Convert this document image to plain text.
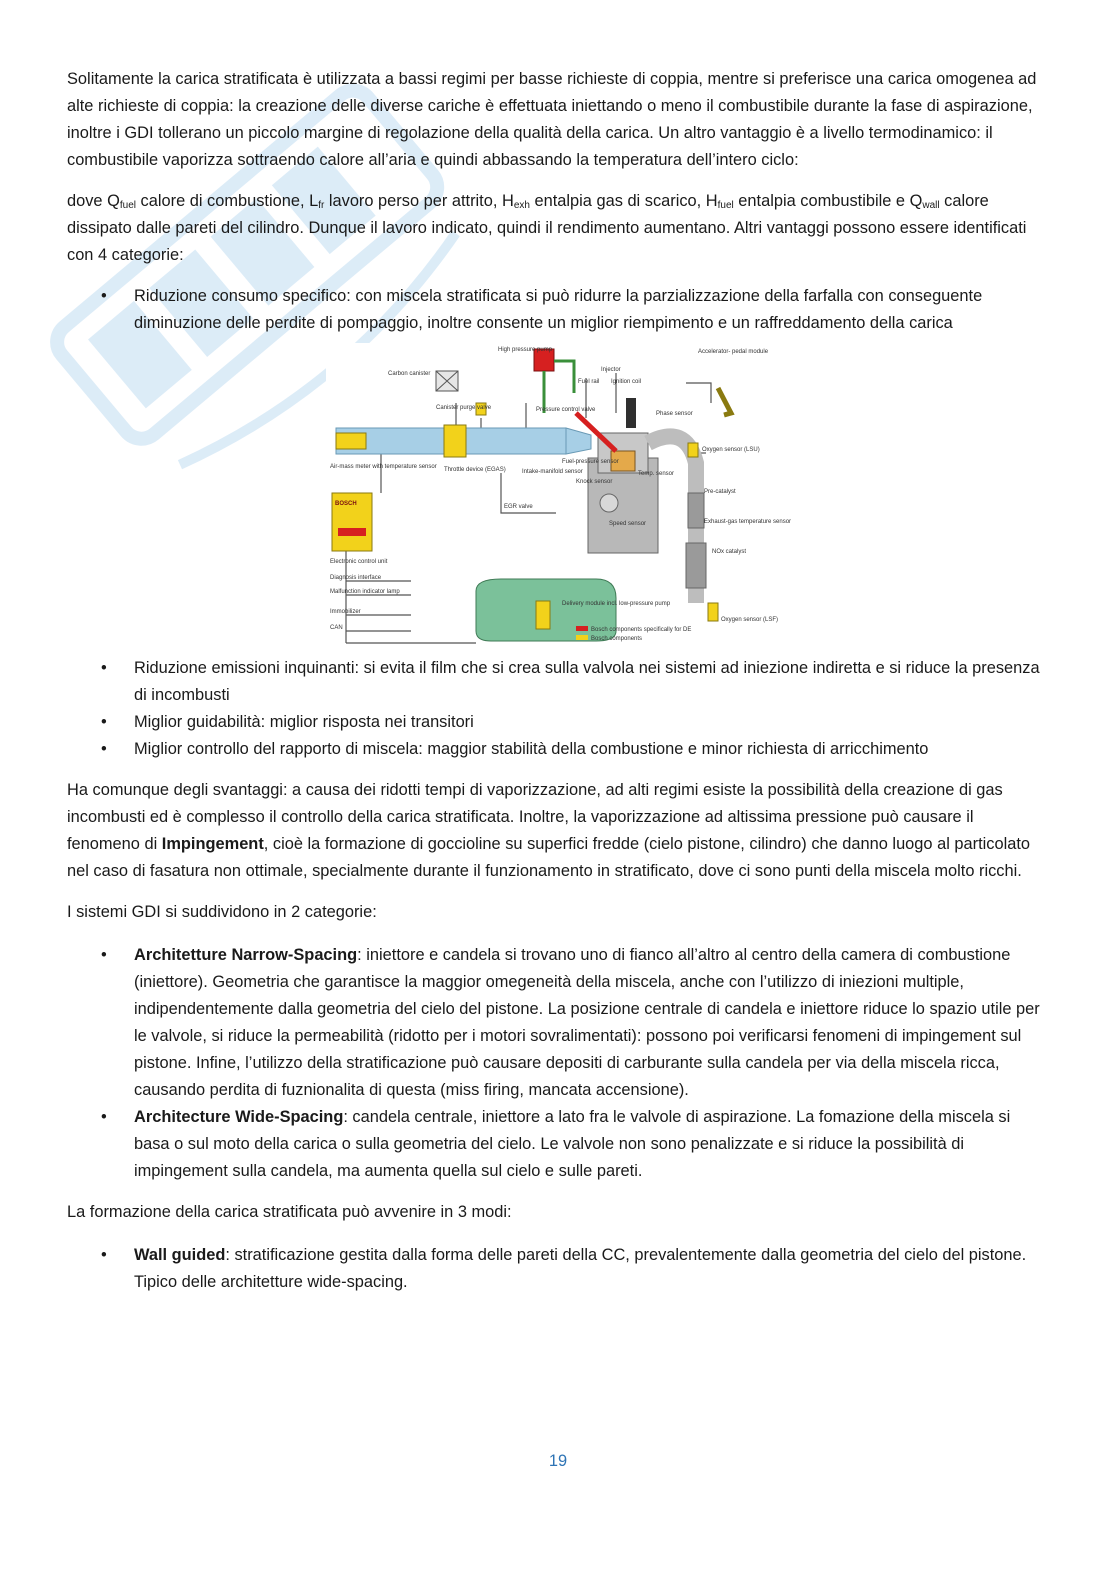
Solitamente la carica stratificata è utilizzata a bassi regimi per basse richieste di coppia, mentre si preferisce una carica omogenea ad alte richieste di coppia: la creazione delle diverse cariche è effettuata iniettando o meno il combustibile durante la fase di aspirazione, inoltre i GDI tollerano un piccolo margine di regolazione della qualità della carica. Un altro vantaggio è a livello termodinamico: il combustibile vaporizza sottraendo calore all’aria e quindi abbassando la temperatura dell’intero ciclo:

dove $Q_{fuel}$ calore di combustione, $L_{fr}$ lavoro perso per attrito, $H_{exh}$ entalpia gas di scarico, $H_{fuel}$ entalpia combustibile e $Q_{wall}$ calore dissipato dalle pareti del cilindro. Dunque il lavoro indicato, quindi il rendimento aumentano. Altri vantaggi possono essere identificati con 4 categorie:

• Riduzione consumo specifico: con miscela stratificata si può ridurre la parzializzazione della farfalla con conseguente diminuzione delle perdite di pompaggio, inoltre consente un miglior riempimento e un raffreddamento della carica
High pressure pump
Carbon canister
Injector
Fuel rail Ignition coil
Accelerator- pedal module
Canister purge valve	Pressure control valve
Phase sensor
Air-mass meter with temperature sensor Throttle device (EGAS)	Intake-manifold sensor
Fuel-pressure sensor
Knock sensor
Temp. sensor
Oxygen sensor (LSU)
Pre-catalyst
EGR valve
Speed sensor	Exhaust-gas temperature sensor
BOSCH
Electronic control unit
NOx catalyst
Diagnosis interface
Malfunction indicator lamp
Delivery module incl. low-pressure pump
Immobilizer
CAN
Oxygen sensor (LSF)
Bosch components specifically for DE
Bosch components
• Riduzione emissioni inquinanti: si evita il film che si crea sulla valvola nei sistemi ad iniezione indiretta e si riduce la presenza di incombusti
• Miglior guidabilità: miglior risposta nei transitori
• Miglior controllo del rapporto di miscela: maggior stabilità della combustione e minor richiesta di arricchimento

Ha comunque degli svantaggi: a causa dei ridotti tempi di vaporizzazione, ad alti regimi esiste la possibilità della creazione di gas incombusti ed è complesso il controllo della carica stratificata. Inoltre, la vaporizzazione ad altissima pressione può causare il fenomeno di Impingement, cioè la formazione di goccioline su superfici fredde (cielo pistone, cilindro) che danno luogo al particolato nel caso di fasatura non ottimale, specialmente durante il funzionamento in stratificato, dove ci sono punti della miscela molto ricchi.

I sistemi GDI si suddividono in 2 categorie:

• Architetture Narrow-Spacing: iniettore e candela si trovano uno di fianco all’altro al centro della camera di combustione (iniettore). Geometria che garantisce la maggior omegeneità della miscela, anche con l’utilizzo di iniezioni multiple, indipendentemente dalla geometria del cielo del pistone. La posizione centrale di candela e iniettore riduce lo spazio utile per le valvole, si riduce la permeabilità (ridotto per i motori sovralimentati): possono poi verificarsi fenomeni di impingement sul pistone. Infine, l’utilizzo della stratificazione può causare depositi di carburante sulla candela per via della miscela ricca, causando perdita di fuznionalita di questa (miss firing, mancata accensione).
• Architecture Wide-Spacing: candela centrale, iniettore a lato fra le valvole di aspirazione. La fomazione della miscela si basa o sul moto della carica o sulla geometria del cielo. Le valvole non sono penalizzate e si riduce la possibilità di impingement sulla candela, ma aumenta quella sul cielo e sulle pareti.

La formazione della carica stratificata può avvenire in 3 modi:

• Wall guided: stratificazione gestita dalla forma delle pareti della CC, prevalentemente dalla geometria del cielo del pistone. Tipico delle architetture wide-spacing.
19
